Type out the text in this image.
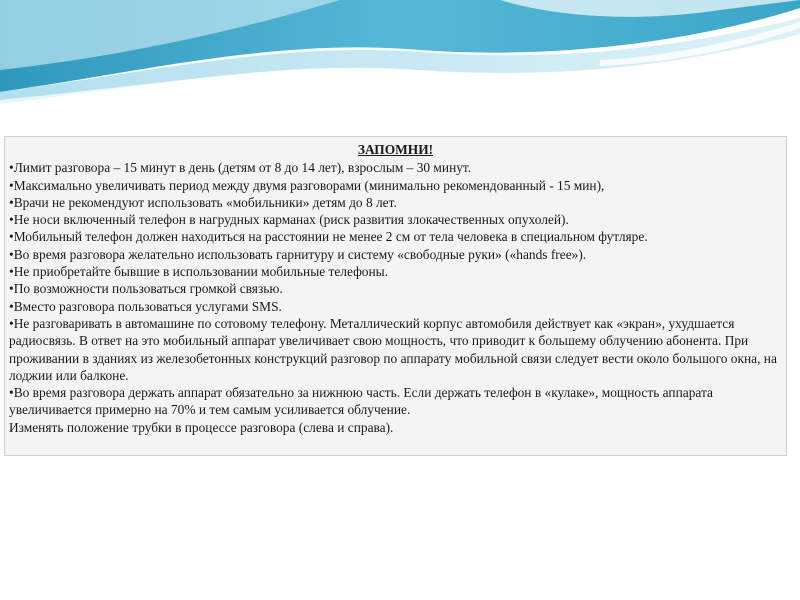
ЗАПОМНИ!

•Лимит разговора – 15 минут в день (детям от 8 до 14 лет), взрослым – 30 минут.

•Максимально увеличивать период между двумя разговорами (минимально рекомендованный - 15 мин),

•Врачи не рекомендуют использовать «мобильники» детям до 8 лет.

•Не носи включенный телефон в нагрудных карманах (риск развития злокачественных опухолей).

•Мобильный телефон должен находиться на расстоянии не менее 2 см от тела человека в специальном футляре.

•Во время разговора желательно использовать гарнитуру и систему «свободные руки» («hands free»).

•Не приобретайте бывшие в использовании мобильные телефоны.

•По возможности пользоваться громкой связью.

•Вместо разговора пользоваться услугами SMS.

•Не разговаривать в автомашине по сотовому телефону. Металлический корпус автомобиля действует как «экран», ухудшается радиосвязь. В ответ на это мобильный аппарат увеличивает свою мощность, что приводит к большему облучению абонента. При проживании в зданиях из железобетонных конструкций разговор по аппарату мобильной связи следует вести около большого окна, на лоджии или балконе.

•Во время разговора держать аппарат обязательно за нижнюю часть. Если держать телефон в «кулаке», мощность аппарата увеличивается примерно на 70% и тем самым усиливается облучение.

Изменять положение трубки в процессе разговора (слева и справа).
